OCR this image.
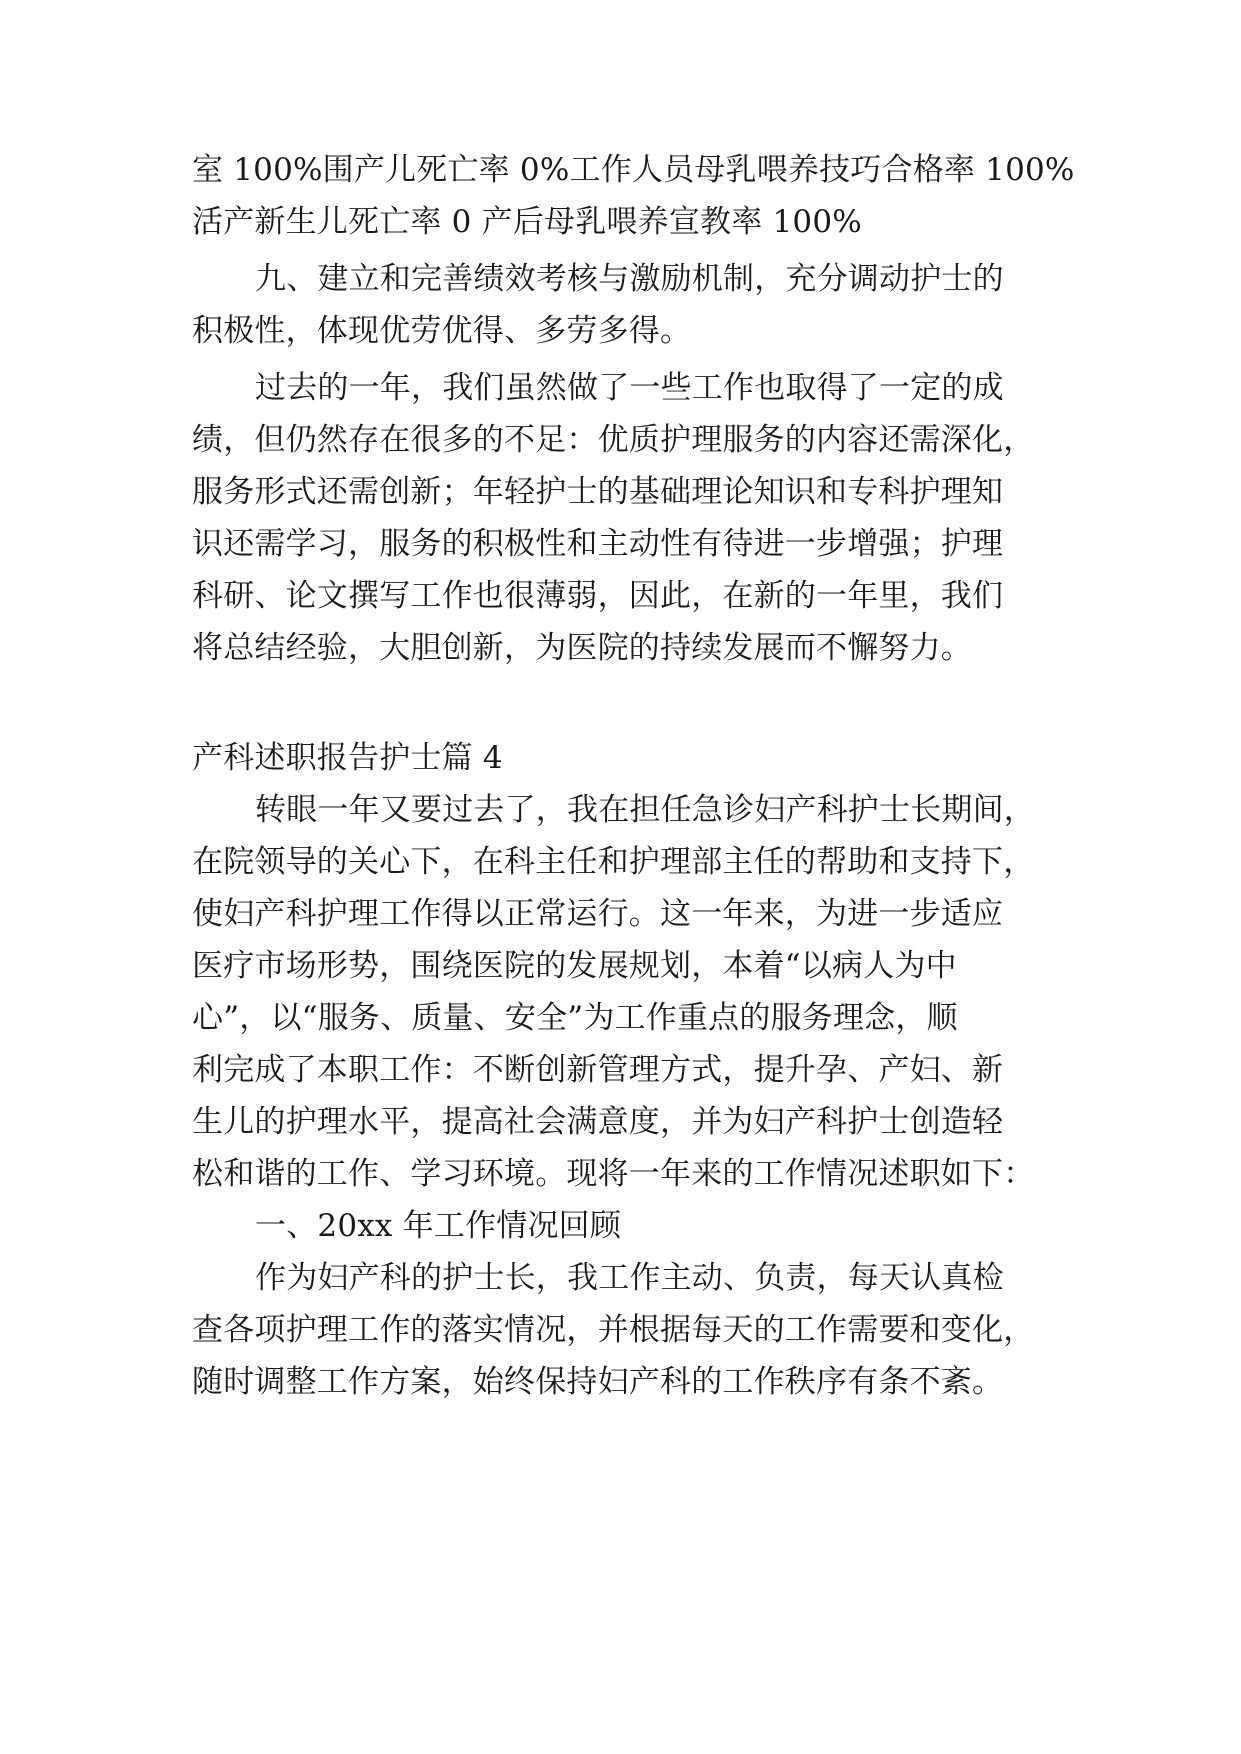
室 100%围产儿死亡率 0%工作人员母乳喂养技巧合格率 100%
活产新生儿死亡率 0 产后母乳喂养宣教率 100%
九、建立和完善绩效考核与激励机制，充分调动护士的
积极性，体现优劳优得、多劳多得。
过去的一年，我们虽然做了一些工作也取得了一定的成
绩，但仍然存在很多的不足：优质护理服务的内容还需深化，
服务形式还需创新；年轻护士的基础理论知识和专科护理知
识还需学习，服务的积极性和主动性有待进一步增强；护理
科研、论文撰写工作也很薄弱，因此，在新的一年里，我们
将总结经验，大胆创新，为医院的持续发展而不懈努力。
产科述职报告护士篇 4
转眼一年又要过去了，我在担任急诊妇产科护士长期间，
在院领导的关心下，在科主任和护理部主任的帮助和支持下，
使妇产科护理工作得以正常运行。这一年来，为进一步适应
医疗市场形势，围绕医院的发展规划，本着“以病人为中
心”，以“服务、质量、安全”为工作重点的服务理念，顺
利完成了本职工作：不断创新管理方式，提升孕、产妇、新
生儿的护理水平，提高社会满意度，并为妇产科护士创造轻
松和谐的工作、学习环境。现将一年来的工作情况述职如下：
一、20xx 年工作情况回顾
作为妇产科的护士长，我工作主动、负责，每天认真检
查各项护理工作的落实情况，并根据每天的工作需要和变化，
随时调整工作方案，始终保持妇产科的工作秩序有条不紊。
